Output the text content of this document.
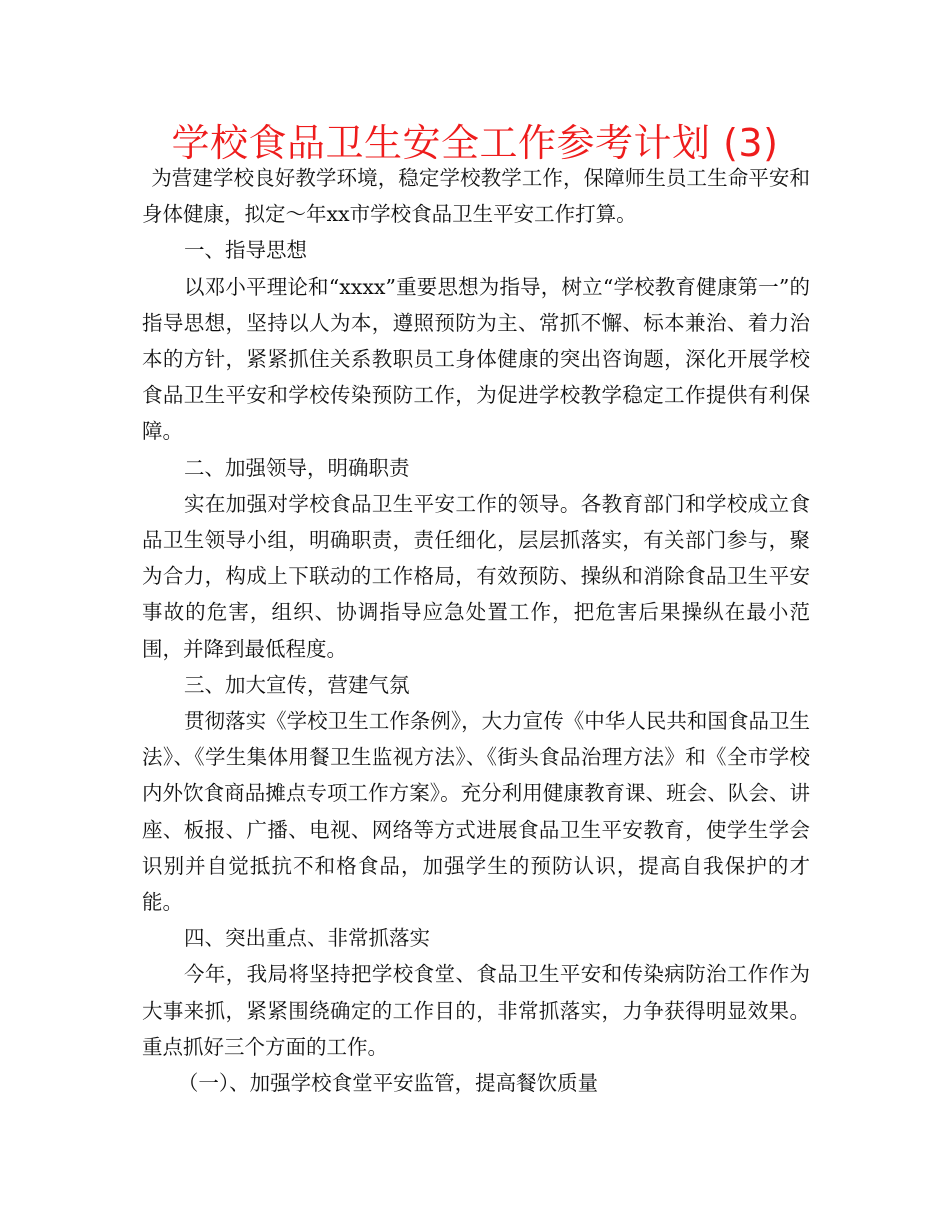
学校食品卫生安全工作参考计划 (3)

为营建学校良好教学环境，稳定学校教学工作，保障师生员工生命平安和身体健康，拟定～年xx市学校食品卫生平安工作打算。

一、指导思想

以邓小平理论和“xxxx”重要思想为指导，树立“学校教育健康第一”的指导思想，坚持以人为本，遵照预防为主、常抓不懈、标本兼治、着力治本的方针，紧紧抓住关系教职员工身体健康的突出咨询题，深化开展学校食品卫生平安和学校传染预防工作，为促进学校教学稳定工作提供有利保障。

二、加强领导，明确职责

实在加强对学校食品卫生平安工作的领导。各教育部门和学校成立食品卫生领导小组，明确职责，责任细化，层层抓落实，有关部门参与，聚为合力，构成上下联动的工作格局，有效预防、操纵和消除食品卫生平安事故的危害，组织、协调指导应急处置工作，把危害后果操纵在最小范围，并降到最低程度。

三、加大宣传，营建气氛

贯彻落实《学校卫生工作条例》，大力宣传《中华人民共和国食品卫生法》、《学生集体用餐卫生监视方法》、《街头食品治理方法》和《全市学校内外饮食商品摊点专项工作方案》。充分利用健康教育课、班会、队会、讲座、板报、广播、电视、网络等方式进展食品卫生平安教育，使学生学会识别并自觉抵抗不和格食品，加强学生的预防认识，提高自我保护的才能。

四、突出重点、非常抓落实

今年，我局将坚持把学校食堂、食品卫生平安和传染病防治工作作为大事来抓，紧紧围绕确定的工作目的，非常抓落实，力争获得明显效果。重点抓好三个方面的工作。

（一）、加强学校食堂平安监管，提高餐饮质量
